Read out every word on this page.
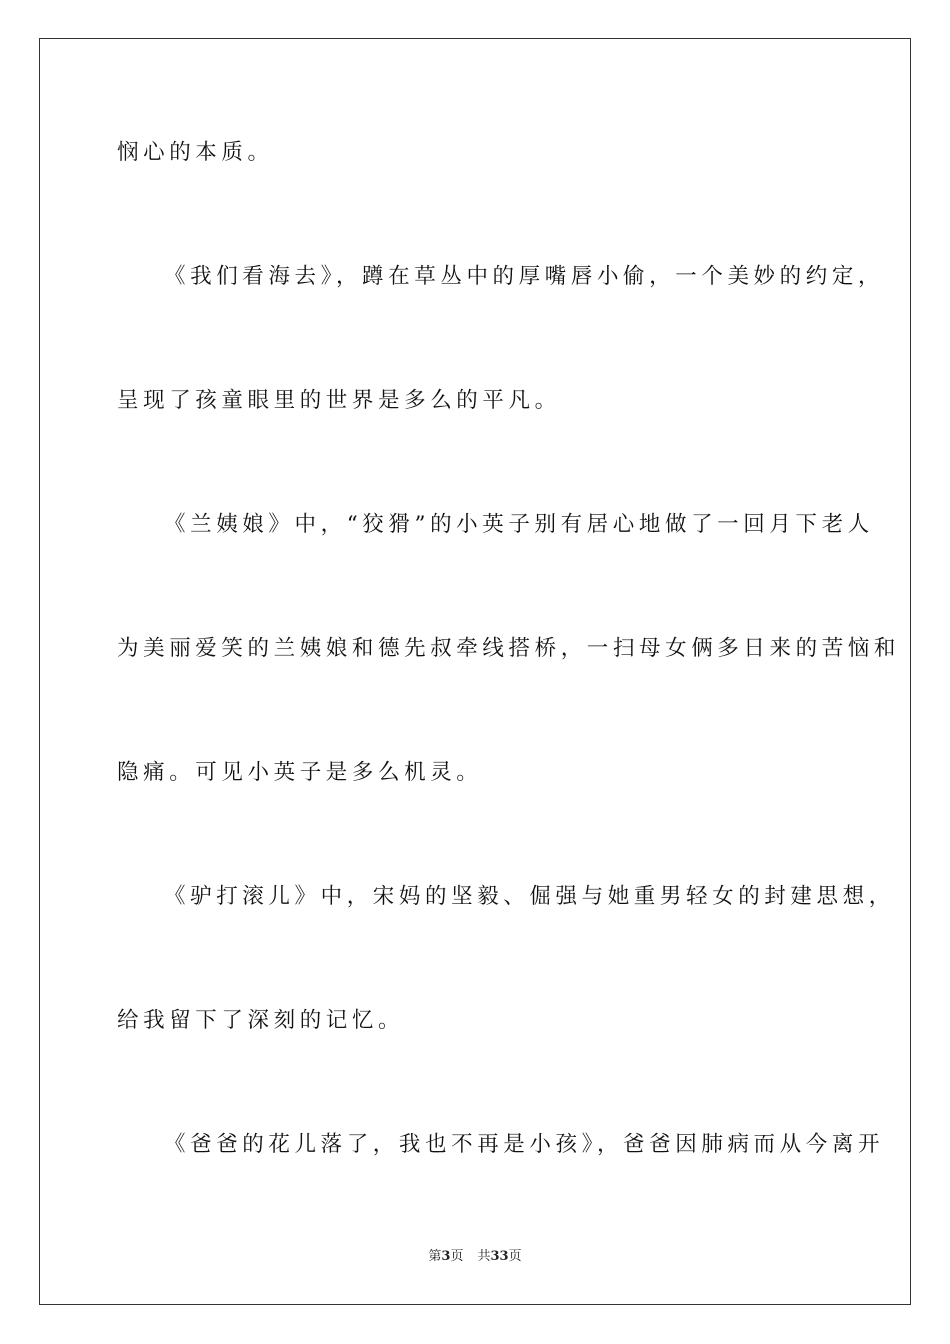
悯心的本质。
《我们看海去》，蹲在草丛中的厚嘴唇小偷，一个美妙的约定，
呈现了孩童眼里的世界是多么的平凡。
《兰姨娘》中，“狡猾”的小英子别有居心地做了一回月下老人
为美丽爱笑的兰姨娘和德先叔牵线搭桥，一扫母女俩多日来的苦恼和
隐痛。可见小英子是多么机灵。
《驴打滚儿》中，宋妈的坚毅、倔强与她重男轻女的封建思想，
给我留下了深刻的记忆。
《爸爸的花儿落了，我也不再是小孩》，爸爸因肺病而从今离开
第3页 共33页
